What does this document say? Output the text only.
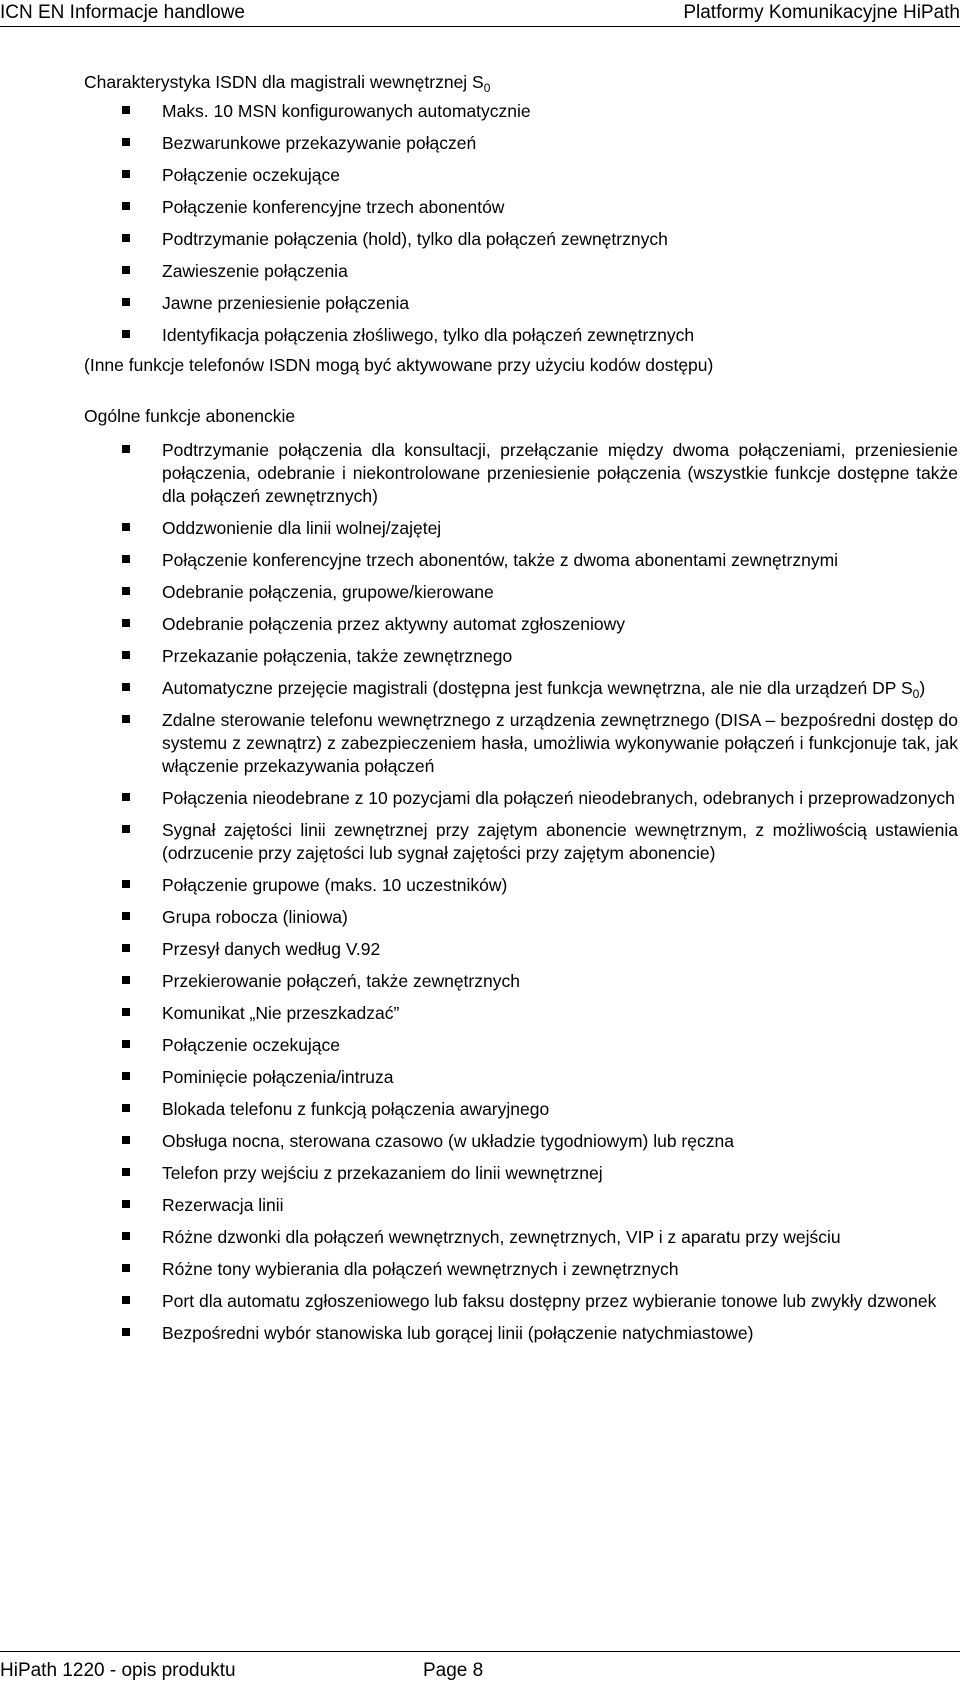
ICN EN Informacje handlowe	Platformy Komunikacyjne HiPath

Charakterystyka ISDN dla magistrali wewnętrznej $S_0$

Maks. 10 MSN konfigurowanych automatycznie
Bezwarunkowe przekazywanie połączeń
Połączenie oczekujące
Połączenie konferencyjne trzech abonentów
Podtrzymanie połączenia (hold), tylko dla połączeń zewnętrznych
Zawieszenie połączenia
Jawne przeniesienie połączenia
Identyfikacja połączenia złośliwego, tylko dla połączeń zewnętrznych

(Inne funkcje telefonów ISDN mogą być aktywowane przy użyciu kodów dostępu)

Ogólne funkcje abonenckie

Podtrzymanie połączenia dla konsultacji, przełączanie między dwoma połączeniami, przeniesienie połączenia, odebranie i niekontrolowane przeniesienie połączenia (wszystkie funkcje dostępne także dla połączeń zewnętrznych)
Oddzwonienie dla linii wolnej/zajętej
Połączenie konferencyjne trzech abonentów, także z dwoma abonentami zewnętrznymi
Odebranie połączenia, grupowe/kierowane
Odebranie połączenia przez aktywny automat zgłoszeniowy
Przekazanie połączenia, także zewnętrznego
Automatyczne przejęcie magistrali (dostępna jest funkcja wewnętrzna, ale nie dla urządzeń DP $S_0$)
Zdalne sterowanie telefonu wewnętrznego z urządzenia zewnętrznego (DISA – bezpośredni dostęp do systemu z zewnątrz) z zabezpieczeniem hasła, umożliwia wykonywanie połączeń i funkcjonuje tak, jak włączenie przekazywania połączeń
Połączenia nieodebrane z 10 pozycjami dla połączeń nieodebranych, odebranych i przeprowadzonych
Sygnał zajętości linii zewnętrznej przy zajętym abonencie wewnętrznym, z możliwością ustawienia (odrzucenie przy zajętości lub sygnał zajętości przy zajętym abonencie)
Połączenie grupowe (maks. 10 uczestników)
Grupa robocza (liniowa)
Przesył danych według V.92
Przekierowanie połączeń, także zewnętrznych
Komunikat „Nie przeszkadzać”
Połączenie oczekujące
Pominięcie połączenia/intruza
Blokada telefonu z funkcją połączenia awaryjnego
Obsługa nocna, sterowana czasowo (w układzie tygodniowym) lub ręczna
Telefon przy wejściu z przekazaniem do linii wewnętrznej
Rezerwacja linii
Różne dzwonki dla połączeń wewnętrznych, zewnętrznych, VIP i z aparatu przy wejściu
Różne tony wybierania dla połączeń wewnętrznych i zewnętrznych
Port dla automatu zgłoszeniowego lub faksu dostępny przez wybieranie tonowe lub zwykły dzwonek
Bezpośredni wybór stanowiska lub gorącej linii (połączenie natychmiastowe)
HiPath 1220 - opis produktu	Page 8
